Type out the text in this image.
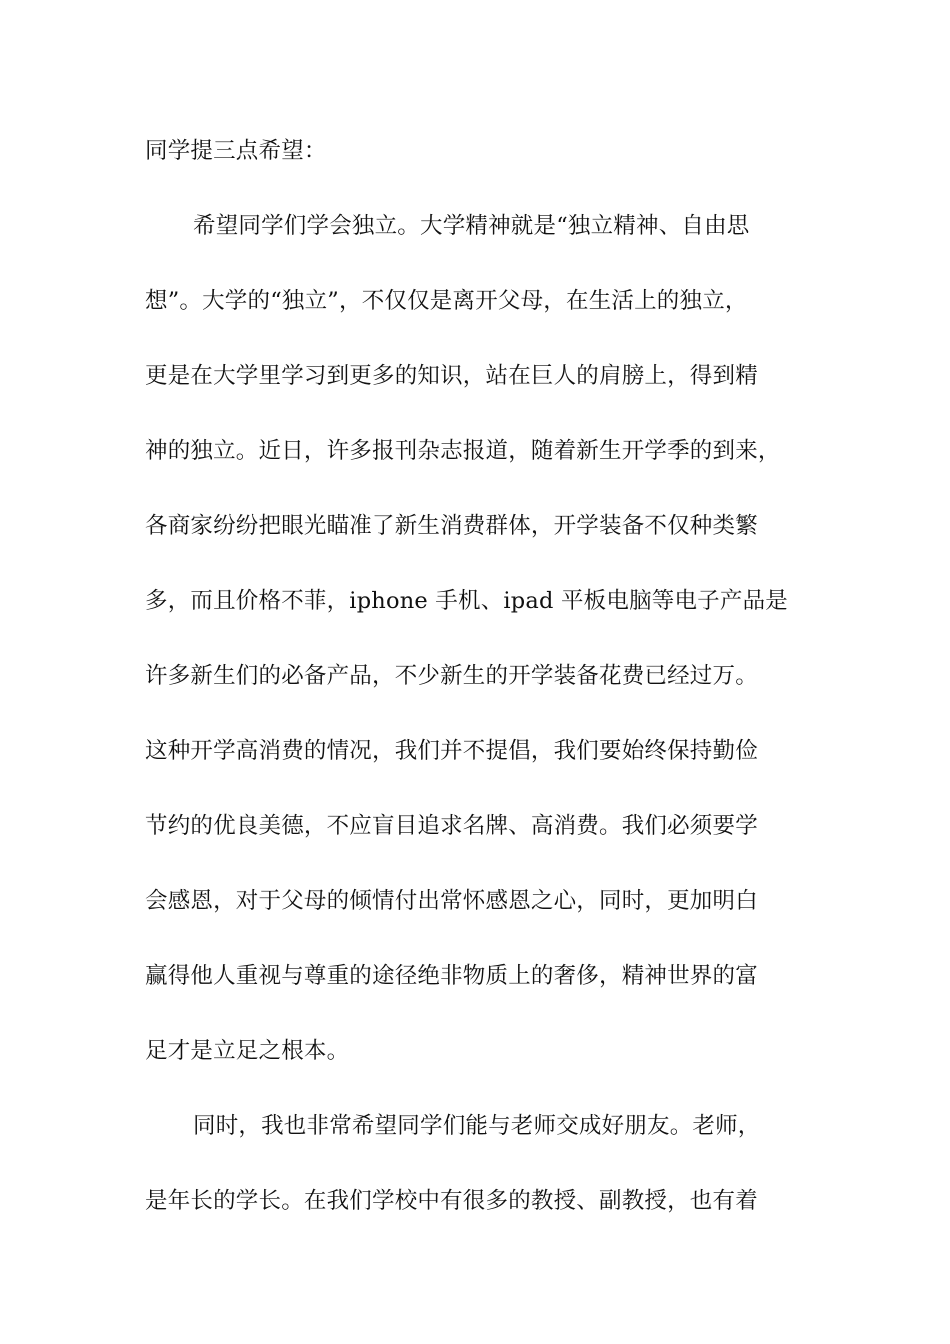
同学提三点希望：

希望同学们学会独立。大学精神就是“独立精神、自由思

想”。大学的“独立”，不仅仅是离开父母，在生活上的独立，

更是在大学里学习到更多的知识，站在巨人的肩膀上，得到精

神的独立。近日，许多报刊杂志报道，随着新生开学季的到来，

各商家纷纷把眼光瞄准了新生消费群体，开学装备不仅种类繁

多，而且价格不菲，iphone 手机、ipad 平板电脑等电子产品是

许多新生们的必备产品，不少新生的开学装备花费已经过万。

这种开学高消费的情况，我们并不提倡，我们要始终保持勤俭

节约的优良美德，不应盲目追求名牌、高消费。我们必须要学

会感恩，对于父母的倾情付出常怀感恩之心，同时，更加明白

赢得他人重视与尊重的途径绝非物质上的奢侈，精神世界的富

足才是立足之根本。

同时，我也非常希望同学们能与老师交成好朋友。老师，

是年长的学长。在我们学校中有很多的教授、副教授，也有着
